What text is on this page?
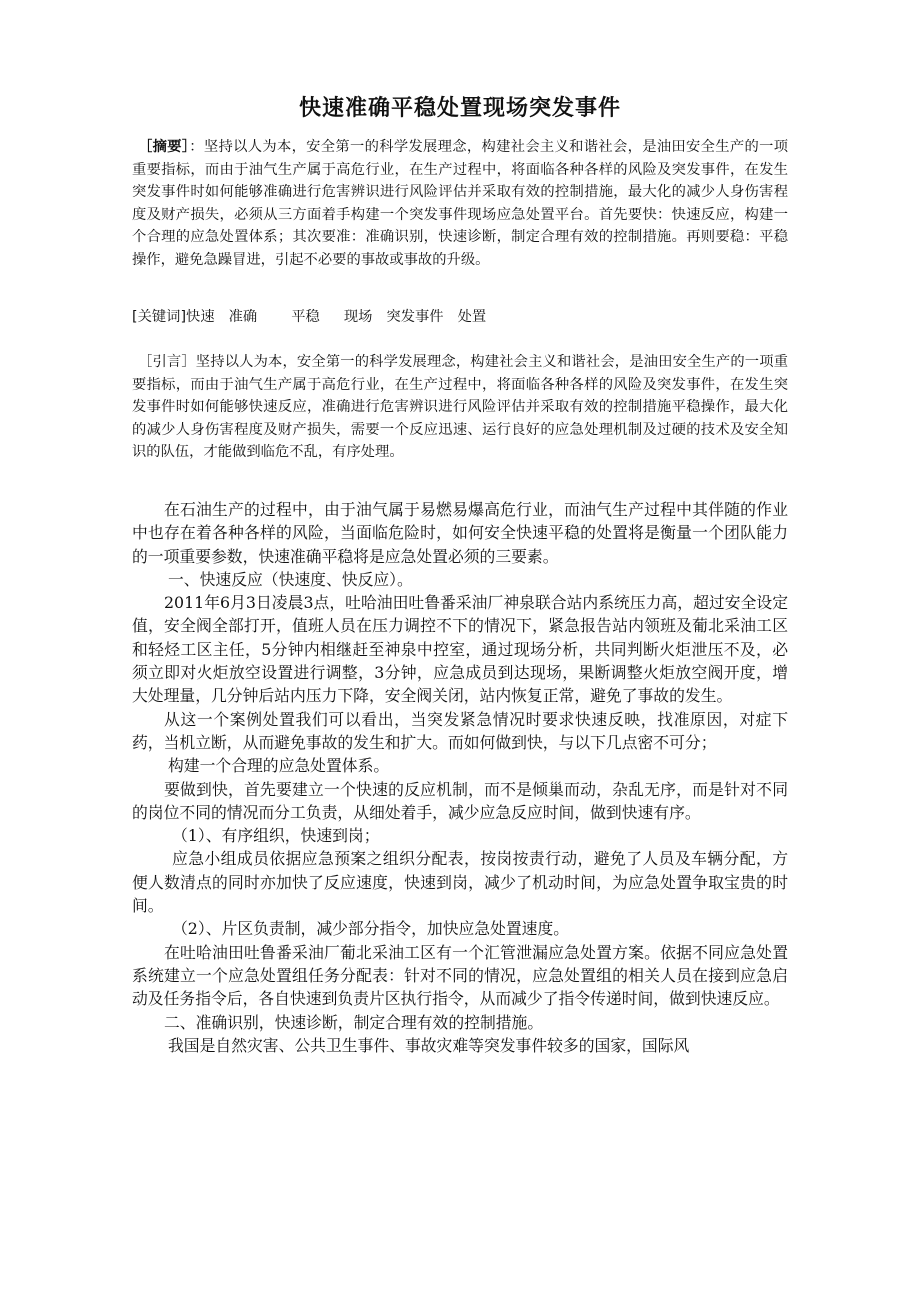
快速准确平稳处置现场突发事件
［摘要］：坚持以人为本，安全第一的科学发展理念，构建社会主义和谐社会，是油田安全生产的一项重要指标，而由于油气生产属于高危行业，在生产过程中，将面临各种各样的风险及突发事件，在发生突发事件时如何能够准确进行危害辨识进行风险评估并采取有效的控制措施，最大化的减少人身伤害程度及财产损失，必须从三方面着手构建一个突发事件现场应急处置平台。首先要快：快速反应，构建一个合理的应急处置体系；其次要准：准确识别，快速诊断，制定合理有效的控制措施。再则要稳：平稳操作，避免急躁冒进，引起不必要的事故或事故的升级。
[关键词]快速 准确 平稳 现场 突发事件 处置
［引言］坚持以人为本，安全第一的科学发展理念，构建社会主义和谐社会，是油田安全生产的一项重要指标，而由于油气生产属于高危行业，在生产过程中，将面临各种各样的风险及突发事件，在发生突发事件时如何能够快速反应，准确进行危害辨识进行风险评估并采取有效的控制措施平稳操作，最大化的减少人身伤害程度及财产损失，需要一个反应迅速、运行良好的应急处理机制及过硬的技术及安全知识的队伍，才能做到临危不乱，有序处理。

在石油生产的过程中，由于油气属于易燃易爆高危行业，而油气生产过程中其伴随的作业中也存在着各种各样的风险，当面临危险时，如何安全快速平稳的处置将是衡量一个团队能力的一项重要参数，快速准确平稳将是应急处置必须的三要素。

一、快速反应（快速度、快反应）。

2011年6月3日凌晨3点，吐哈油田吐鲁番采油厂神泉联合站内系统压力高，超过安全设定值，安全阀全部打开，值班人员在压力调控不下的情况下，紧急报告站内领班及葡北采油工区和轻烃工区主任，5分钟内相继赶至神泉中控室，通过现场分析，共同判断火炬泄压不及，必须立即对火炬放空设置进行调整，3分钟，应急成员到达现场，果断调整火炬放空阀开度，增大处理量，几分钟后站内压力下降，安全阀关闭，站内恢复正常，避免了事故的发生。

从这一个案例处置我们可以看出，当突发紧急情况时要求快速反映，找准原因，对症下药，当机立断，从而避免事故的发生和扩大。而如何做到快，与以下几点密不可分；

构建一个合理的应急处置体系。

要做到快，首先要建立一个快速的反应机制，而不是倾巢而动，杂乱无序，而是针对不同的岗位不同的情况而分工负责，从细处着手，减少应急反应时间，做到快速有序。

（1）、有序组织，快速到岗；

应急小组成员依据应急预案之组织分配表，按岗按责行动，避免了人员及车辆分配，方便人数清点的同时亦加快了反应速度，快速到岗，减少了机动时间，为应急处置争取宝贵的时间。

（2）、片区负责制，减少部分指令，加快应急处置速度。

在吐哈油田吐鲁番采油厂葡北采油工区有一个汇管泄漏应急处置方案。依据不同应急处置系统建立一个应急处置组任务分配表：针对不同的情况，应急处置组的相关人员在接到应急启动及任务指令后，各自快速到负责片区执行指令，从而减少了指令传递时间，做到快速反应。

二、准确识别，快速诊断，制定合理有效的控制措施。

我国是自然灾害、公共卫生事件、事故灾难等突发事件较多的国家，国际风
